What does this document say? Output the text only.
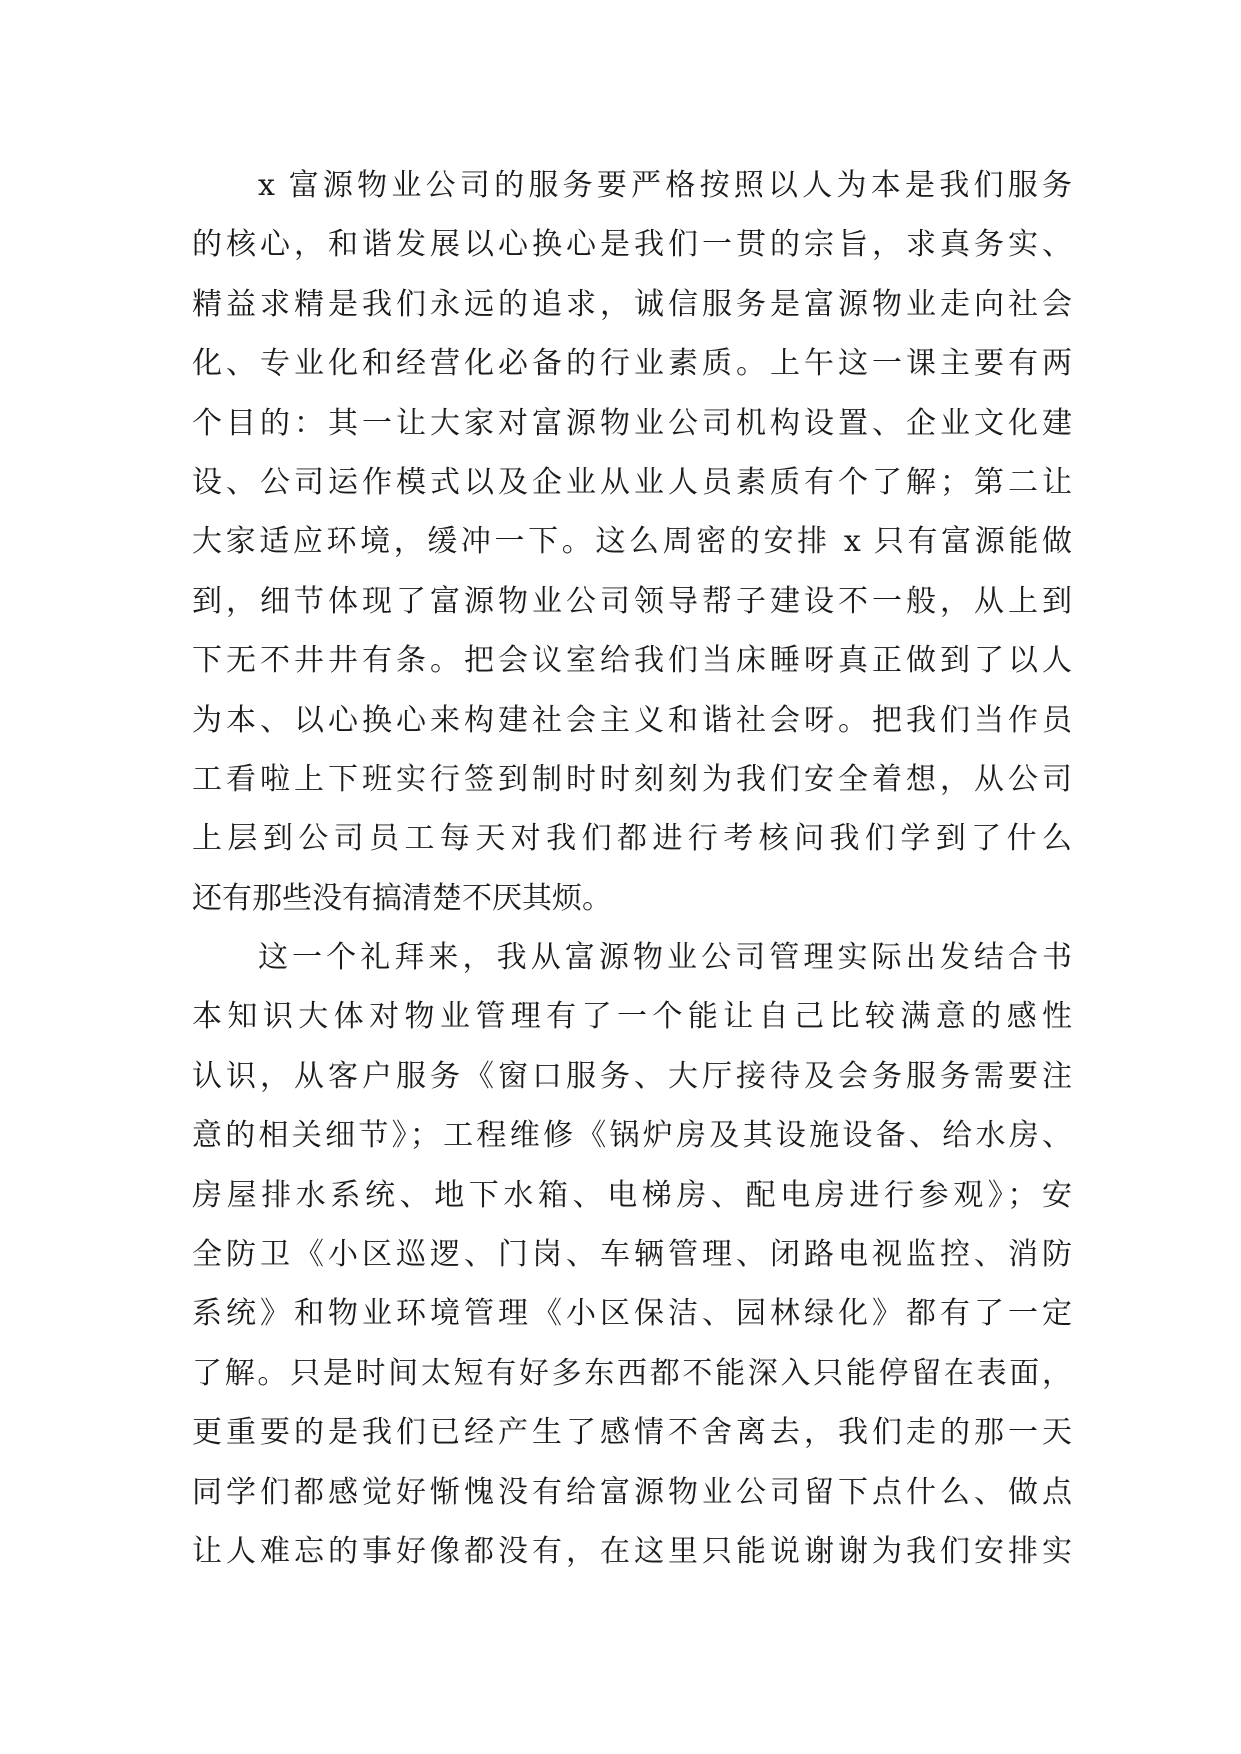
x 富源物业公司的服务要严格按照以人为本是我们服务
的核心，和谐发展以心换心是我们一贯的宗旨，求真务实、
精益求精是我们永远的追求，诚信服务是富源物业走向社会
化、专业化和经营化必备的行业素质。上午这一课主要有两
个目的：其一让大家对富源物业公司机构设置、企业文化建
设、公司运作模式以及企业从业人员素质有个了解；第二让
大家适应环境，缓冲一下。这么周密的安排 x 只有富源能做
到，细节体现了富源物业公司领导帮子建设不一般，从上到
下无不井井有条。把会议室给我们当床睡呀真正做到了以人
为本、以心换心来构建社会主义和谐社会呀。把我们当作员
工看啦上下班实行签到制时时刻刻为我们安全着想，从公司
上层到公司员工每天对我们都进行考核问我们学到了什么
还有那些没有搞清楚不厌其烦。
这一个礼拜来，我从富源物业公司管理实际出发结合书
本知识大体对物业管理有了一个能让自己比较满意的感性
认识，从客户服务《窗口服务、大厅接待及会务服务需要注
意的相关细节》；工程维修《锅炉房及其设施设备、给水房、
房屋排水系统、地下水箱、电梯房、配电房进行参观》；安
全防卫《小区巡逻、门岗、车辆管理、闭路电视监控、消防
系统》和物业环境管理《小区保洁、园林绿化》都有了一定
了解。只是时间太短有好多东西都不能深入只能停留在表面，
更重要的是我们已经产生了感情不舍离去，我们走的那一天
同学们都感觉好惭愧没有给富源物业公司留下点什么、做点
让人难忘的事好像都没有，在这里只能说谢谢为我们安排实
